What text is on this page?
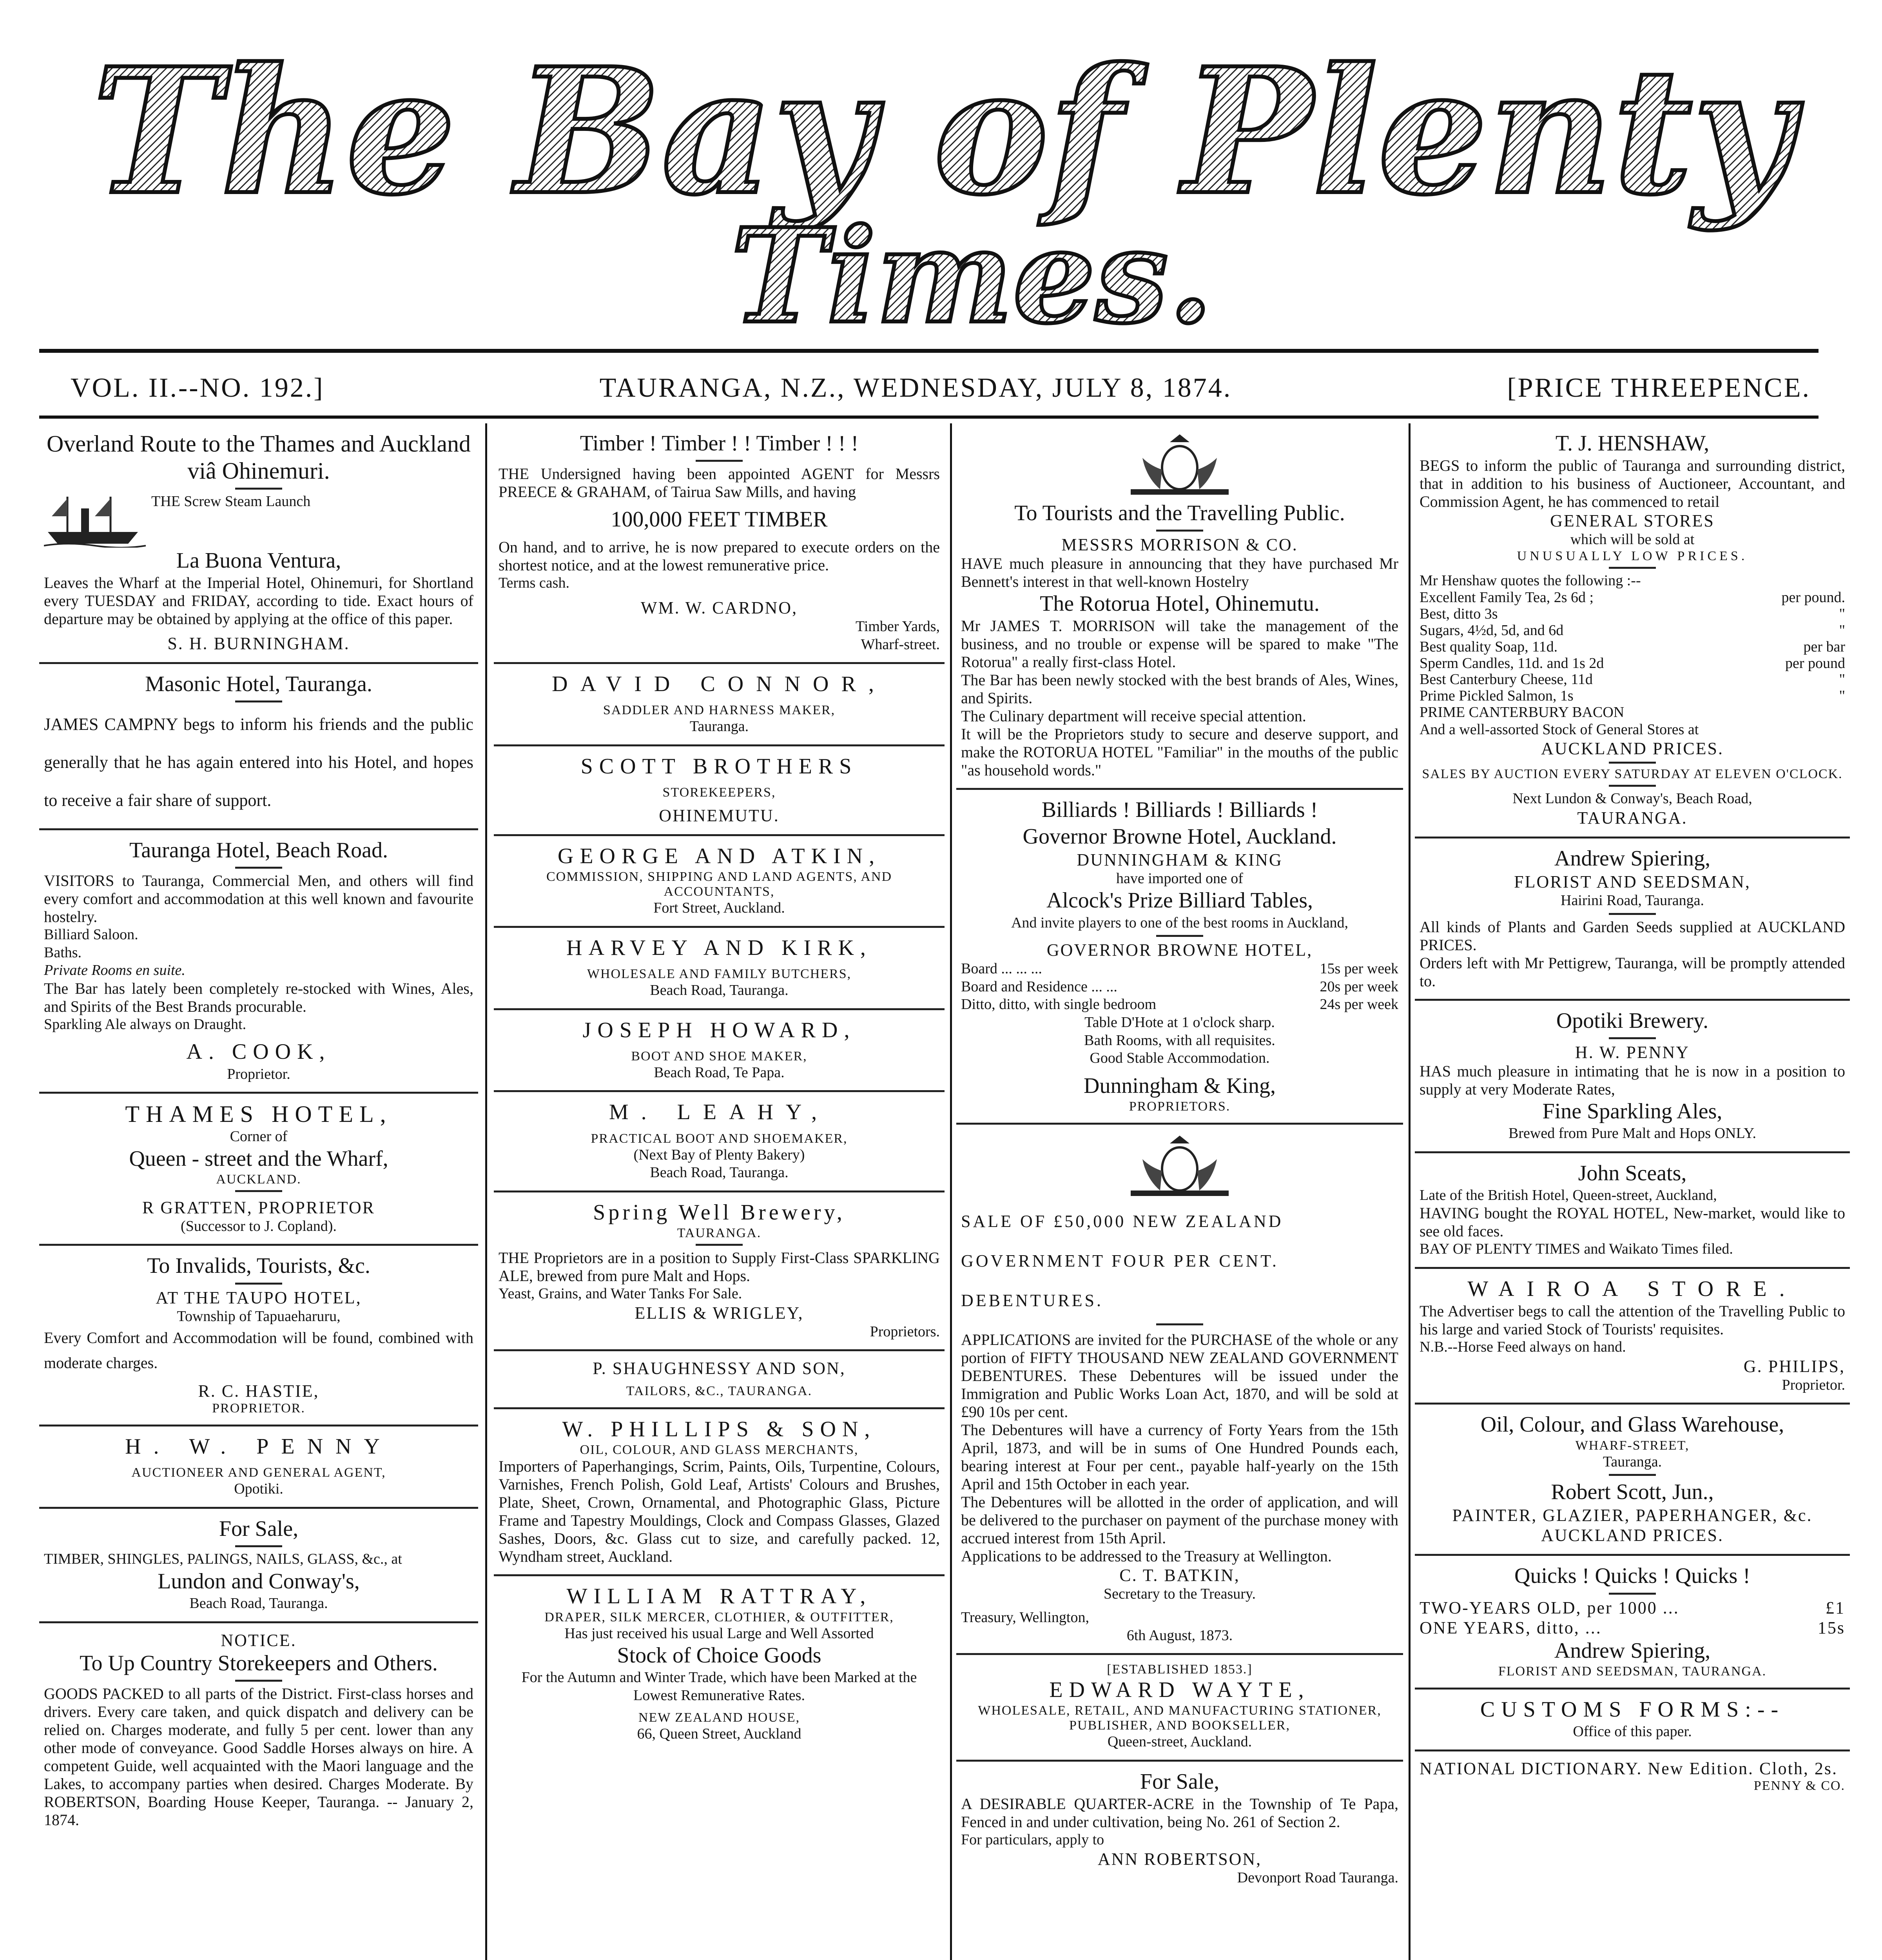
The Bay of Plenty
Times.
VOL. II.--NO. 192.]	TAURANGA, N.Z., WEDNESDAY, JULY 8, 1874.	[PRICE THREEPENCE.
Overland Route to the Thames and Auckland viâ Ohinemuri.
THE Screw Steam Launch
La Buona Ventura,
Leaves the Wharf at the Imperial Hotel, Ohinemuri, for Shortland every TUESDAY and FRIDAY, according to tide. Exact hours of departure may be obtained by applying at the office of this paper.
S. H. BURNINGHAM.
Masonic Hotel, Tauranga.
JAMES CAMPNY begs to inform his friends and the public generally that he has again entered into his Hotel, and hopes to receive a fair share of support.
Tauranga Hotel, Beach Road.
VISITORS to Tauranga, Commercial Men, and others will find every comfort and accommodation at this well known and favourite hostelry.
Billiard Saloon.
Baths.
Private Rooms en suite.
The Bar has lately been completely re-stocked with Wines, Ales, and Spirits of the Best Brands procurable.
Sparkling Ale always on Draught.
A. COOK,
Proprietor.
THAMES HOTEL,
Corner of
Queen - street and the Wharf,
AUCKLAND.
R GRATTEN, PROPRIETOR
(Successor to J. Copland).
To Invalids, Tourists, &c.
AT THE TAUPO HOTEL,
Township of Tapuaeharuru,
Every Comfort and Accommodation will be found, combined with moderate charges.
R. C. HASTIE,
PROPRIETOR.
H. W. PENNY
AUCTIONEER AND GENERAL AGENT,
Opotiki.
For Sale,
TIMBER, SHINGLES, PALINGS, NAILS, GLASS, &c., at
Lundon and Conway's,
Beach Road, Tauranga.
NOTICE.
To Up Country Storekeepers and Others.
GOODS PACKED to all parts of the District. First-class horses and drivers. Every care taken, and quick dispatch and delivery can be relied on. Charges moderate, and fully 5 per cent. lower than any other mode of conveyance. Good Saddle Horses always on hire. A competent Guide, well acquainted with the Maori language and the Lakes, to accompany parties when desired. Charges Moderate. By ROBERTSON, Boarding House Keeper, Tauranga. -- January 2, 1874.
Timber ! Timber ! ! Timber ! ! !
THE Undersigned having been appointed AGENT for Messrs PREECE & GRAHAM, of Tairua Saw Mills, and having
100,000 FEET TIMBER
On hand, and to arrive, he is now prepared to execute orders on the shortest notice, and at the lowest remunerative price.
Terms cash.
WM. W. CARDNO,
Timber Yards,
Wharf-street.
DAVID CONNOR,
SADDLER AND HARNESS MAKER,
Tauranga.
SCOTT BROTHERS
STOREKEEPERS,
OHINEMUTU.
GEORGE AND ATKIN,
COMMISSION, SHIPPING AND LAND AGENTS, AND ACCOUNTANTS,
Fort Street, Auckland.
HARVEY AND KIRK,
WHOLESALE AND FAMILY BUTCHERS,
Beach Road, Tauranga.
JOSEPH HOWARD,
BOOT AND SHOE MAKER,
Beach Road, Te Papa.
M. LEAHY,
PRACTICAL BOOT AND SHOEMAKER,
(Next Bay of Plenty Bakery)
Beach Road, Tauranga.
Spring Well Brewery,
TAURANGA.
THE Proprietors are in a position to Supply First-Class SPARKLING ALE, brewed from pure Malt and Hops.
Yeast, Grains, and Water Tanks For Sale.
ELLIS & WRIGLEY,
Proprietors.
P. SHAUGHNESSY AND SON,
TAILORS, &C., TAURANGA.
W. PHILLIPS & SON,
OIL, COLOUR, AND GLASS MERCHANTS,
Importers of Paperhangings, Scrim, Paints, Oils, Turpentine, Colours, Varnishes, French Polish, Gold Leaf, Artists' Colours and Brushes, Plate, Sheet, Crown, Ornamental, and Photographic Glass, Picture Frame and Tapestry Mouldings, Clock and Compass Glasses, Glazed Sashes, Doors, &c. Glass cut to size, and carefully packed. 12, Wyndham street, Auckland.
WILLIAM RATTRAY,
DRAPER, SILK MERCER, CLOTHIER, & OUTFITTER,
Has just received his usual Large and Well Assorted
Stock of Choice Goods
For the Autumn and Winter Trade, which have been Marked at the Lowest Remunerative Rates.
NEW ZEALAND HOUSE,
66, Queen Street, Auckland
To Tourists and the Travelling Public.
MESSRS MORRISON & CO.
HAVE much pleasure in announcing that they have purchased Mr Bennett's interest in that well-known Hostelry
The Rotorua Hotel, Ohinemutu.
Mr JAMES T. MORRISON will take the management of the business, and no trouble or expense will be spared to make "The Rotorua" a really first-class Hotel.
The Bar has been newly stocked with the best brands of Ales, Wines, and Spirits.
The Culinary department will receive special attention.
It will be the Proprietors study to secure and deserve support, and make the ROTORUA HOTEL "Familiar" in the mouths of the public "as household words."
Billiards ! Billiards ! Billiards !
Governor Browne Hotel, Auckland.
DUNNINGHAM & KING
have imported one of
Alcock's Prize Billiard Tables,
And invite players to one of the best rooms in Auckland,
GOVERNOR BROWNE HOTEL,
Board ... ... ...	15s per week
Board and Residence ... ...	20s per week
Ditto, ditto, with single bedroom	24s per week
Table D'Hote at 1 o'clock sharp.
Bath Rooms, with all requisites.
Good Stable Accommodation.
Dunningham & King,
PROPRIETORS.
SALE OF £50,000 NEW ZEALAND GOVERNMENT FOUR PER CENT. DEBENTURES.
APPLICATIONS are invited for the PURCHASE of the whole or any portion of FIFTY THOUSAND NEW ZEALAND GOVERNMENT DEBENTURES. These Debentures will be issued under the Immigration and Public Works Loan Act, 1870, and will be sold at £90 10s per cent.
The Debentures will have a currency of Forty Years from the 15th April, 1873, and will be in sums of One Hundred Pounds each, bearing interest at Four per cent., payable half-yearly on the 15th April and 15th October in each year.
The Debentures will be allotted in the order of application, and will be delivered to the purchaser on payment of the purchase money with accrued interest from 15th April.
Applications to be addressed to the Treasury at Wellington.
C. T. BATKIN,
Secretary to the Treasury.
Treasury, Wellington,
6th August, 1873.
[ESTABLISHED 1853.]
EDWARD WAYTE,
WHOLESALE, RETAIL, AND MANUFACTURING STATIONER, PUBLISHER, AND BOOKSELLER,
Queen-street, Auckland.
For Sale,
A DESIRABLE QUARTER-ACRE in the Township of Te Papa, Fenced in and under cultivation, being No. 261 of Section 2.
For particulars, apply to
ANN ROBERTSON,
Devonport Road Tauranga.
T. J. HENSHAW,
BEGS to inform the public of Tauranga and surrounding district, that in addition to his business of Auctioneer, Accountant, and Commission Agent, he has commenced to retail
GENERAL STORES
which will be sold at
UNUSUALLY LOW PRICES.
Mr Henshaw quotes the following :--
Excellent Family Tea, 2s 6d ;	per pound.
Best, ditto 3s	"
Sugars, 4½d, 5d, and 6d	"
Best quality Soap, 11d.	per bar
Sperm Candles, 11d. and 1s 2d	per pound
Best Canterbury Cheese, 11d	"
Prime Pickled Salmon, 1s	"
PRIME CANTERBURY BACON
And a well-assorted Stock of General Stores at
AUCKLAND PRICES.
SALES BY AUCTION EVERY SATURDAY AT ELEVEN O'CLOCK.
Next Lundon & Conway's, Beach Road,
TAURANGA.
Andrew Spiering,
FLORIST AND SEEDSMAN,
Hairini Road, Tauranga.
All kinds of Plants and Garden Seeds supplied at AUCKLAND PRICES.
Orders left with Mr Pettigrew, Tauranga, will be promptly attended to.
Opotiki Brewery.
H. W. PENNY
HAS much pleasure in intimating that he is now in a position to supply at very Moderate Rates,
Fine Sparkling Ales,
Brewed from Pure Malt and Hops ONLY.
John Sceats,
Late of the British Hotel, Queen-street, Auckland,
HAVING bought the ROYAL HOTEL, New-market, would like to see old faces.
BAY OF PLENTY TIMES and Waikato Times filed.
WAIROA STORE.
The Advertiser begs to call the attention of the Travelling Public to his large and varied Stock of Tourists' requisites.
N.B.--Horse Feed always on hand.
G. PHILIPS,
Proprietor.
Oil, Colour, and Glass Warehouse,
WHARF-STREET,
Tauranga.
Robert Scott, Jun.,
PAINTER, GLAZIER, PAPERHANGER, &c.
AUCKLAND PRICES.
Quicks ! Quicks ! Quicks !
TWO-YEARS OLD, per 1000 ...	£1
ONE YEARS, ditto, ...	15s
Andrew Spiering,
FLORIST AND SEEDSMAN, TAURANGA.
CUSTOMS FORMS:--
Office of this paper.
NATIONAL DICTIONARY. New Edition. Cloth, 2s.
PENNY & CO.
